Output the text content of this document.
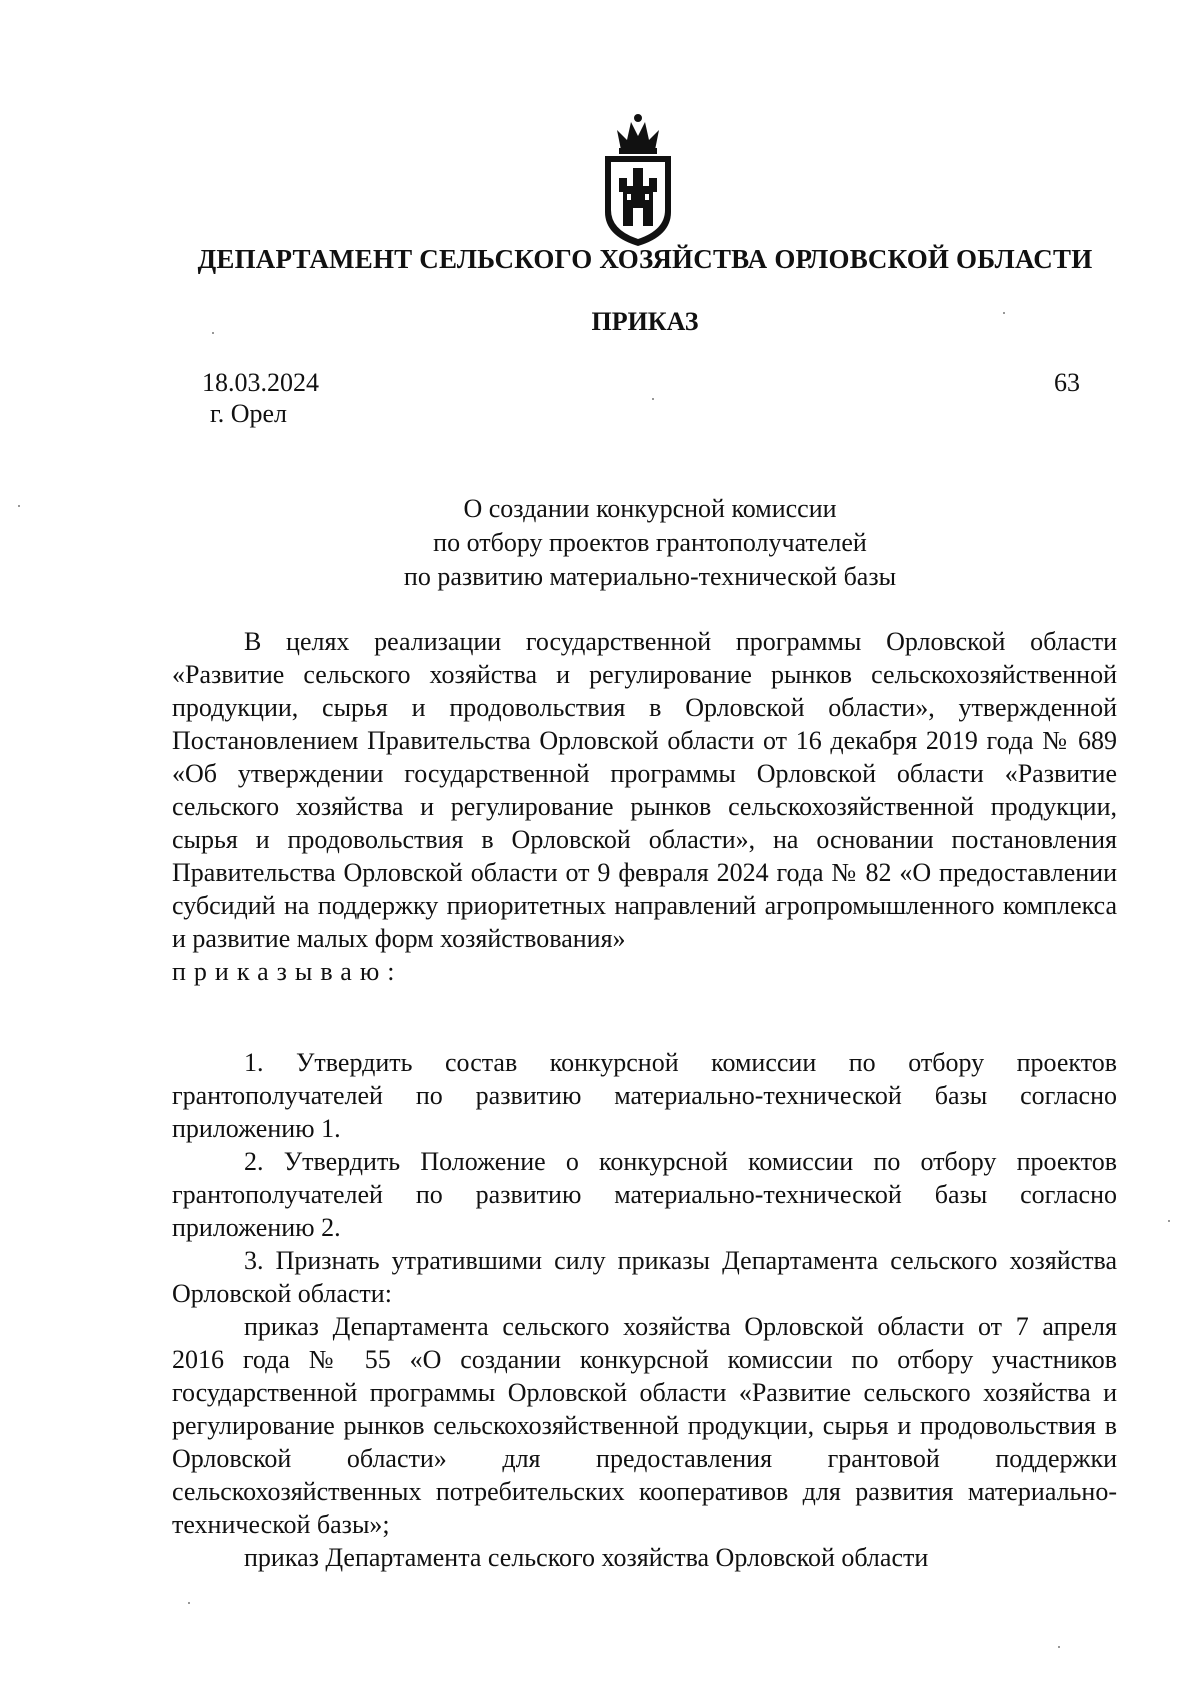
ДЕПАРТАМЕНТ СЕЛЬСКОГО ХОЗЯЙСТВА ОРЛОВСКОЙ ОБЛАСТИ
ПРИКАЗ
18.03.2024
г. Орел
63
О создании конкурсной комиссии
по отбору проектов грантополучателей
по развитию материально-технической базы

В целях реализации государственной программы Орловской области «Развитие сельского хозяйства и регулирование рынков сельскохозяйственной продукции, сырья и продовольствия в Орловской области», утвержденной Постановлением Правительства Орловской области от 16 декабря 2019 года № 689 «Об утверждении государственной программы Орловской области «Развитие сельского хозяйства и регулирование рынков сельскохозяйственной продукции, сырья и продовольствия в Орловской области», на основании постановления Правительства Орловской области от 9 февраля 2024 года № 82 «О предоставлении субсидий на поддержку приоритетных направлений агропромышленного комплекса и развитие малых форм хозяйствования»

приказываю:

1. Утвердить состав конкурсной комиссии по отбору проектов грантополучателей по развитию материально-технической базы согласно приложению 1.

2. Утвердить Положение о конкурсной комиссии по отбору проектов грантополучателей по развитию материально-технической базы согласно приложению 2.

3. Признать утратившими силу приказы Департамента сельского хозяйства Орловской области:

приказ Департамента сельского хозяйства Орловской области от 7 апреля 2016 года № 55 «О создании конкурсной комиссии по отбору участников государственной программы Орловской области «Развитие сельского хозяйства и регулирование рынков сельскохозяйственной продукции, сырья и продовольствия в Орловской области» для предоставления грантовой поддержки сельскохозяйственных потребительских кооперативов для развития материально-технической базы»;

приказ Департамента сельского хозяйства Орловской области
